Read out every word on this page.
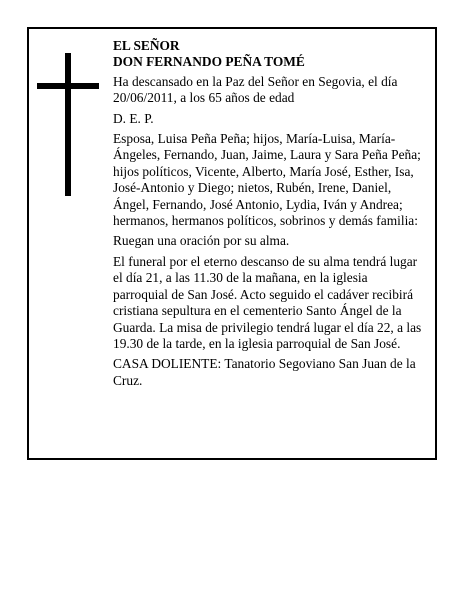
EL SEÑOR

DON FERNANDO PEÑA TOMÉ

Ha descansado en la Paz del Señor en Segovia, el día 20/06/2011, a los 65 años de edad

D. E. P.

Esposa, Luisa Peña Peña; hijos, María-Luisa, María-Ángeles, Fernando, Juan, Jaime, Laura y Sara Peña Peña; hijos políticos, Vicente, Alberto, María José, Esther, Isa, José-Antonio y Diego; nietos, Rubén, Irene, Daniel, Ángel, Fernando, José Antonio, Lydia, Iván y Andrea; hermanos, hermanos políticos, sobrinos y demás familia:

Ruegan una oración por su alma.

El funeral por el eterno descanso de su alma tendrá lugar el día 21, a las 11.30 de la mañana, en la iglesia parroquial de San José. Acto seguido el cadáver recibirá cristiana sepultura en el cementerio Santo Ángel de la Guarda. La misa de privilegio tendrá lugar el día 22, a las 19.30 de la tarde, en la iglesia parroquial de San José.

CASA DOLIENTE: Tanatorio Segoviano San Juan de la Cruz.
